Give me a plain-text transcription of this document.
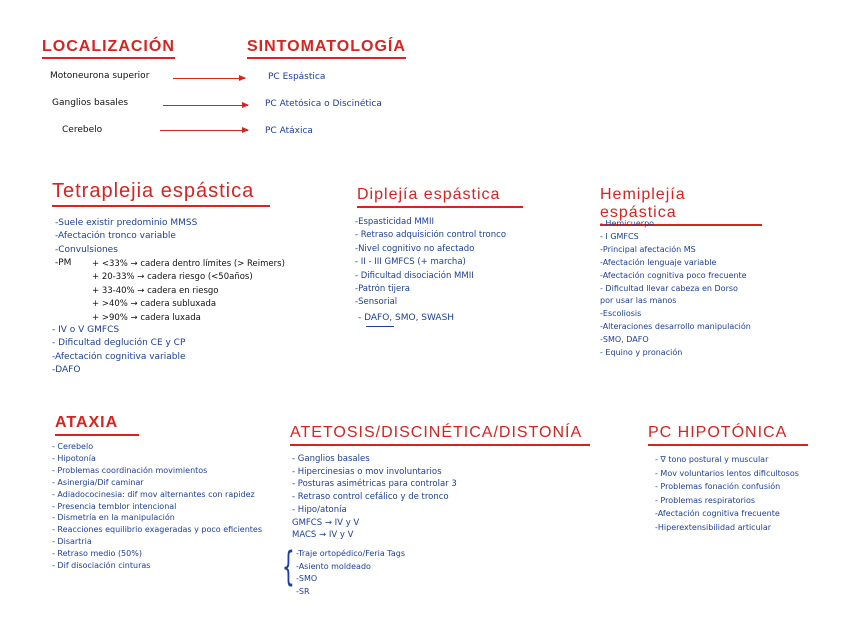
LOCALIZACIÓN	SINTOMATOLOGÍA
Motoneurona superior
Ganglios basales
Cerebelo
PC Espástica
PC Atetósica o Discinética
PC Atáxica
Tetraplejia espástica
-Suele existir predominio MMSS
-Afectación tronco variable
-Convulsiones
-PM + <33% → cadera dentro límites (> Reimers)
+ 20-33% → cadera riesgo (<50años)
+ 33-40% → cadera en riesgo
+ >40% → cadera subluxada
+ >90% → cadera luxada
- IV o V GMFCS
- Dificultad deglución CE y CP
-Afectación cognitiva variable
-DAFO
Diplejía espástica
-Espasticidad MMII
- Retraso adquisición control tronco
-Nivel cognitivo no afectado
- II - III GMFCS (+ marcha)
- Dificultad disociación MMII
-Patrón tijera
-Sensorial
- DAFO, SMO, SWASH
Hemiplejía espástica
- Hemicuerpo
- I GMFCS
-Principal afectación MS
-Afectación lenguaje variable
-Afectación cognitiva poco frecuente
- Dificultad llevar cabeza en Dorso
por usar las manos
-Escoliosis
-Alteraciones desarrollo manipulación
-SMO, DAFO
- Equino y pronación
ATAXIA
- Cerebelo
- Hipotonía
- Problemas coordinación movimientos
- Asinergia/Dif caminar
- Adiadococinesia: dif mov alternantes con rapidez
- Presencia temblor intencional
- Dismetría en la manipulación
- Reacciones equilibrio exageradas y poco eficientes
- Disartria
- Retraso medio (50%)
- Dif disociación cinturas
ATETOSIS/DISCINÉTICA/DISTONÍA
- Ganglios basales
- Hipercinesias o mov involuntarios
- Posturas asimétricas para controlar 3
- Retraso control cefálico y de tronco
- Hipo/atonía
GMFCS → IV y V
MACS → IV y V
{ -Traje ortopédico/Feria Tags
-Asiento moldeado
-SMO
-SR
PC HIPOTÓNICA
- ∇ tono postural y muscular
- Mov voluntarios lentos dificultosos
- Problemas fonación confusión
- Problemas respiratorios
-Afectación cognitiva frecuente
-Hiperextensibilidad articular
